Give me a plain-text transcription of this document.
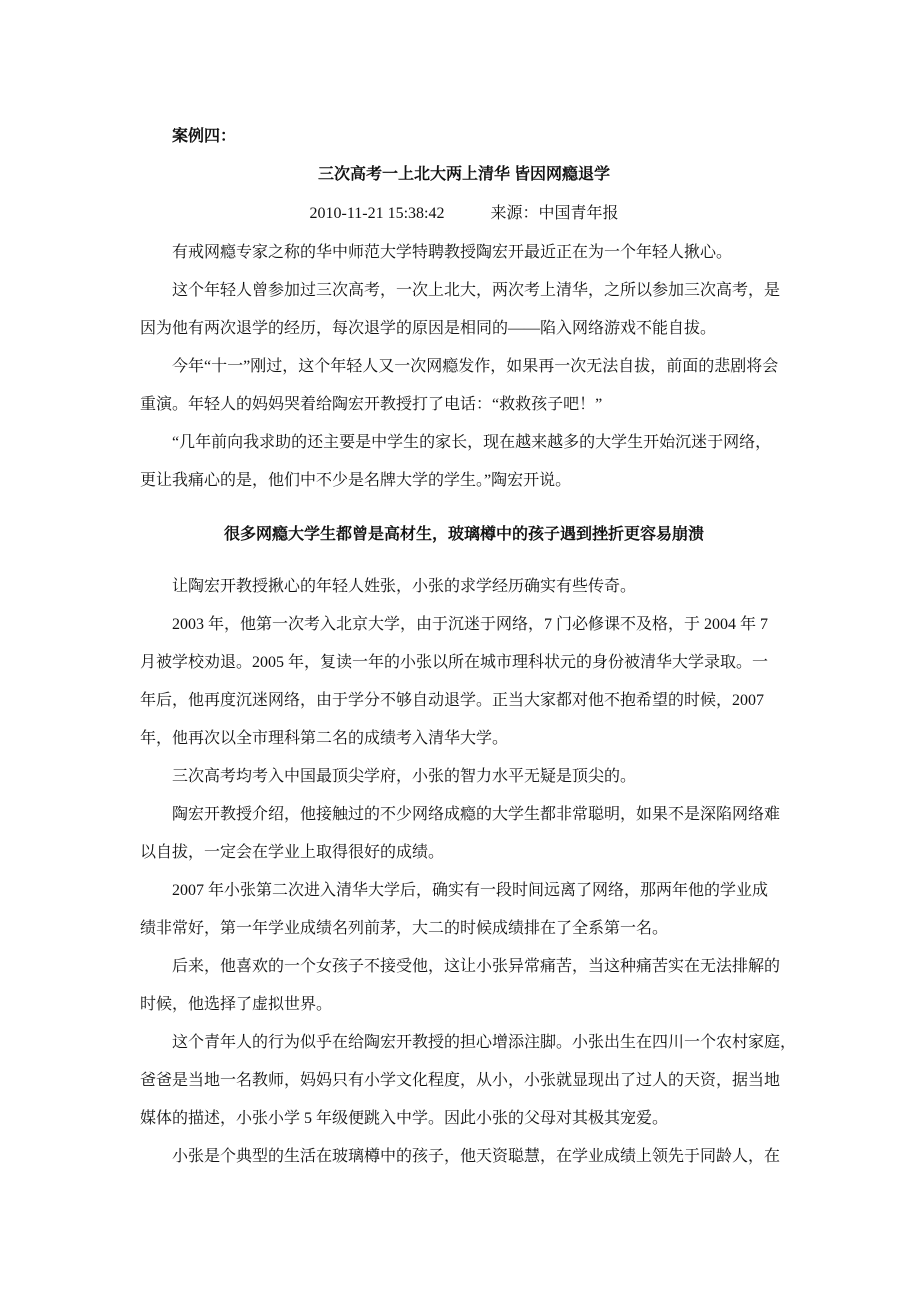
案例四：
三次高考一上北大两上清华 皆因网瘾退学
2010-11-21 15:38:42	来源：中国青年报
有戒网瘾专家之称的华中师范大学特聘教授陶宏开最近正在为一个年轻人揪心。
这个年轻人曾参加过三次高考，一次上北大，两次考上清华，之所以参加三次高考，是
因为他有两次退学的经历，每次退学的原因是相同的——陷入网络游戏不能自拔。
今年“十一”刚过，这个年轻人又一次网瘾发作，如果再一次无法自拔，前面的悲剧将会
重演。年轻人的妈妈哭着给陶宏开教授打了电话：“救救孩子吧！”
“几年前向我求助的还主要是中学生的家长，现在越来越多的大学生开始沉迷于网络，
更让我痛心的是，他们中不少是名牌大学的学生。”陶宏开说。
很多网瘾大学生都曾是高材生，玻璃樽中的孩子遇到挫折更容易崩溃
让陶宏开教授揪心的年轻人姓张，小张的求学经历确实有些传奇。
2003 年，他第一次考入北京大学，由于沉迷于网络，7 门必修课不及格，于 2004 年 7
月被学校劝退。2005 年，复读一年的小张以所在城市理科状元的身份被清华大学录取。一
年后，他再度沉迷网络，由于学分不够自动退学。正当大家都对他不抱希望的时候，2007
年，他再次以全市理科第二名的成绩考入清华大学。
三次高考均考入中国最顶尖学府，小张的智力水平无疑是顶尖的。
陶宏开教授介绍，他接触过的不少网络成瘾的大学生都非常聪明，如果不是深陷网络难
以自拔，一定会在学业上取得很好的成绩。
2007 年小张第二次进入清华大学后，确实有一段时间远离了网络，那两年他的学业成
绩非常好，第一年学业成绩名列前茅，大二的时候成绩排在了全系第一名。
后来，他喜欢的一个女孩子不接受他，这让小张异常痛苦，当这种痛苦实在无法排解的
时候，他选择了虚拟世界。
这个青年人的行为似乎在给陶宏开教授的担心增添注脚。小张出生在四川一个农村家庭，
爸爸是当地一名教师，妈妈只有小学文化程度，从小，小张就显现出了过人的天资，据当地
媒体的描述，小张小学 5 年级便跳入中学。因此小张的父母对其极其宠爱。
小张是个典型的生活在玻璃樽中的孩子，他天资聪慧，在学业成绩上领先于同龄人，在
